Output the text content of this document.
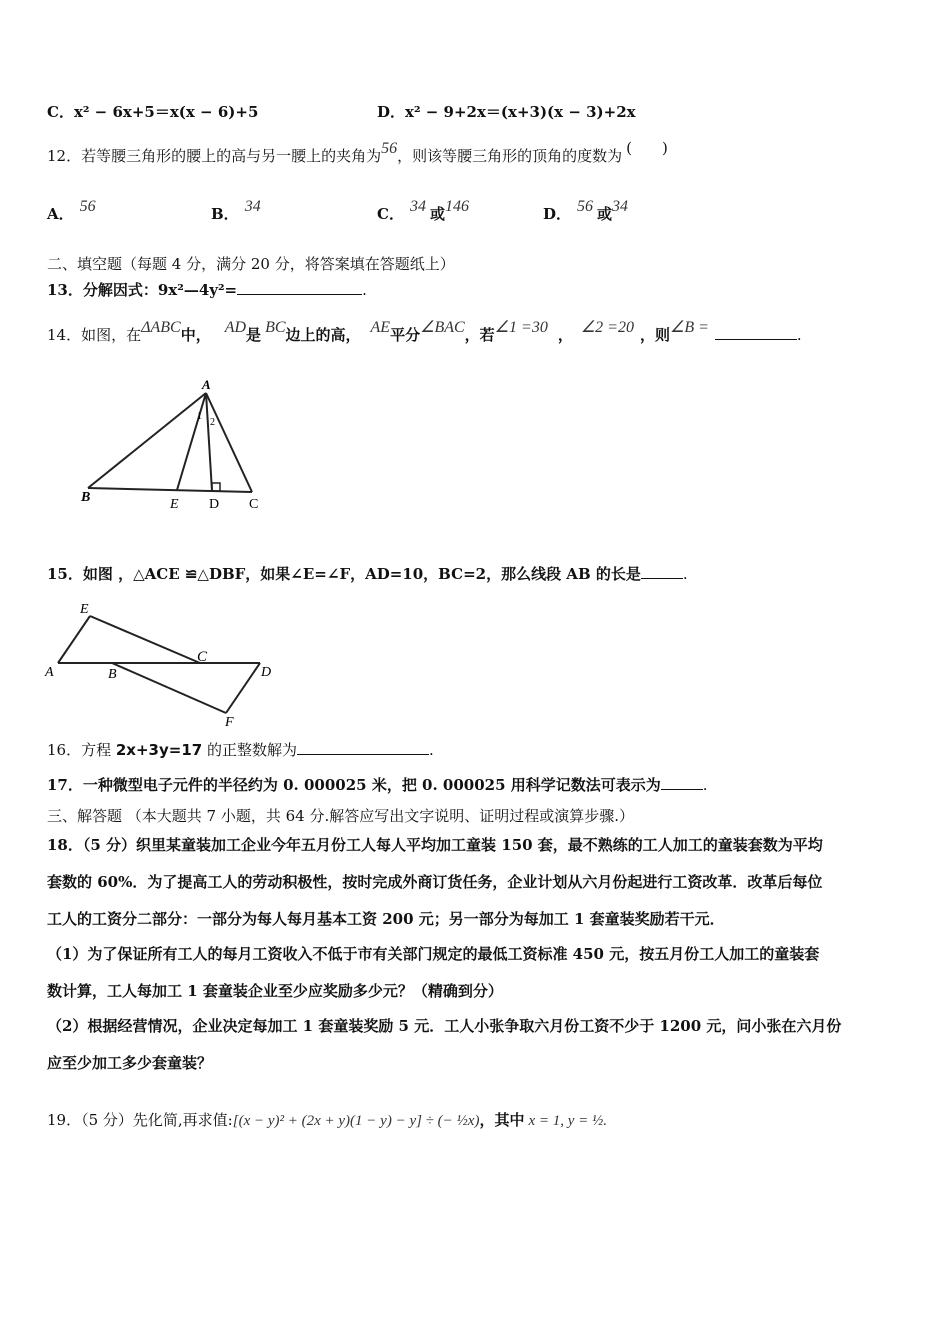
C．x² − 6x+5＝x(x − 6)+5	D．x² − 9+2x＝(x+3)(x − 3)+2x
12．若等腰三角形的腰上的高与另一腰上的夹角为56，则该等腰三角形的顶角的度数为 (　　)
A． 56	B． 34	C． 34 或146	D． 56 或34
二、填空题（每题 4 分，满分 20 分，将答案填在答题纸上）
13．分解因式：9x²—4y²=	.
14．如图，在ΔABC中， AD是 BC边上的高， AE平分∠BAC，若∠1 =30 ， ∠2 =20 ，则∠B =	.
A
B	E D C
1
2
15．如图 ，△ACE ≌△DBF，如果∠E=∠F，AD=10，BC=2，那么线段 AB 的长是	.
E
C
A	B	D
F
16．方程 2x+3y=17 的正整数解为	.
17．一种微型电子元件的半径约为 0. 000025 米，把 0. 000025 用科学记数法可表示为	.
三、解答题 （本大题共 7 小题，共 64 分.解答应写出文字说明、证明过程或演算步骤.）
18．（5 分）织里某童装加工企业今年五月份工人每人平均加工童装 150 套，最不熟练的工人加工的童装套数为平均
套数的 60%．为了提高工人的劳动积极性，按时完成外商订货任务，企业计划从六月份起进行工资改革．改革后每位
工人的工资分二部分：一部分为每人每月基本工资 200 元；另一部分为每加工 1 套童装奖励若干元．
（1）为了保证所有工人的每月工资收入不低于市有关部门规定的最低工资标准 450 元，按五月份工人加工的童装套
数计算，工人每加工 1 套童装企业至少应奖励多少元？（精确到分）
（2）根据经营情况，企业决定每加工 1 套童装奖励 5 元．工人小张争取六月份工资不少于 1200 元，问小张在六月份
应至少加工多少套童装？
19．（5 分）先化简,再求值:[(x − y)² + (2x + y)(1 − y) − y] ÷ (− ½x)，其中 x = 1, y = ½.
